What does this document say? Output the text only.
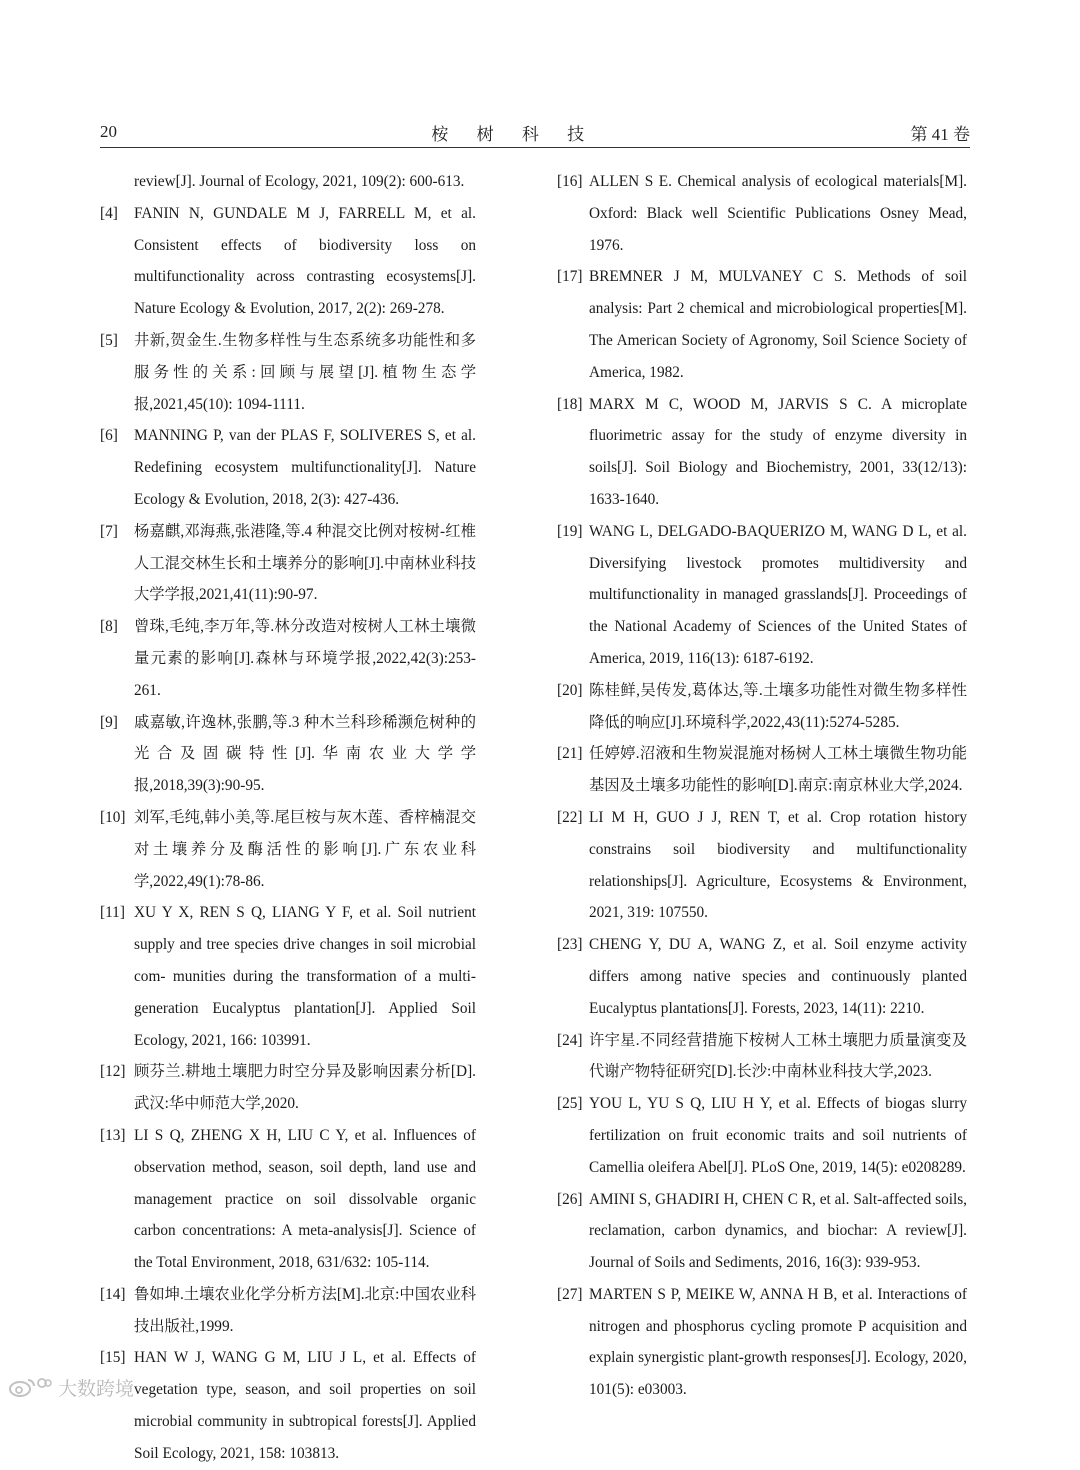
20	桉 树 科 技	第 41 卷
review[J]. Journal of Ecology, 2021, 109(2): 600-613.
[4]	FANIN N, GUNDALE M J, FARRELL M, et al. Consistent effects of biodiversity loss on multifunctionality across contrasting ecosystems[J]. Nature Ecology & Evolution, 2017, 2(2): 269-278.
[5]	井新,贺金生.生物多样性与生态系统多功能性和多服务性的关系:回顾与展望[J].植物生态学报,2021,45(10): 1094-1111.
[6]	MANNING P, van der PLAS F, SOLIVERES S, et al. Redefining ecosystem multifunctionality[J]. Nature Ecology & Evolution, 2018, 2(3): 427-436.
[7]	杨嘉麒,邓海燕,张港隆,等.4 种混交比例对桉树-红椎人工混交林生长和土壤养分的影响[J].中南林业科技大学学报,2021,41(11):90-97.
[8]	曾珠,毛纯,李万年,等.林分改造对桉树人工林土壤微量元素的影响[J].森林与环境学报,2022,42(3):253-261.
[9]	戚嘉敏,许逸林,张鹏,等.3 种木兰科珍稀濒危树种的光合及固碳特性[J].华南农业大学学报,2018,39(3):90-95.
[10] 刘军,毛纯,韩小美,等.尾巨桉与灰木莲、香梓楠混交对土壤养分及酶活性的影响[J].广东农业科学,2022,49(1):78-86.
[11] XU Y X, REN S Q, LIANG Y F, et al. Soil nutrient supply and tree species drive changes in soil microbial com- munities during the transformation of a multi-generation Eucalyptus plantation[J]. Applied Soil Ecology, 2021, 166: 103991.
[12] 顾芬兰.耕地土壤肥力时空分异及影响因素分析[D].武汉:华中师范大学,2020.
[13] LI S Q, ZHENG X H, LIU C Y, et al. Influences of observation method, season, soil depth, land use and management practice on soil dissolvable organic carbon concentrations: A meta-analysis[J]. Science of the Total Environment, 2018, 631/632: 105-114.
[14] 鲁如坤.土壤农业化学分析方法[M].北京:中国农业科技出版社,1999.
[15] HAN W J, WANG G M, LIU J L, et al. Effects of vegetation type, season, and soil properties on soil microbial community in subtropical forests[J]. Applied Soil Ecology, 2021, 158: 103813.
[16] ALLEN S E. Chemical analysis of ecological materials[M]. Oxford: Black well Scientific Publications Osney Mead, 1976.
[17] BREMNER J M, MULVANEY C S. Methods of soil analysis: Part 2 chemical and microbiological properties[M]. The American Society of Agronomy, Soil Science Society of America, 1982.
[18] MARX M C, WOOD M, JARVIS S C. A microplate fluorimetric assay for the study of enzyme diversity in soils[J]. Soil Biology and Biochemistry, 2001, 33(12/13): 1633-1640.
[19] WANG L, DELGADO-BAQUERIZO M, WANG D L, et al. Diversifying livestock promotes multidiversity and multifunctionality in managed grasslands[J]. Proceedings of the National Academy of Sciences of the United States of America, 2019, 116(13): 6187-6192.
[20] 陈桂鲜,吴传发,葛体达,等.土壤多功能性对微生物多样性降低的响应[J].环境科学,2022,43(11):5274-5285.
[21] 任婷婷.沼液和生物炭混施对杨树人工林土壤微生物功能基因及土壤多功能性的影响[D].南京:南京林业大学,2024.
[22] LI M H, GUO J J, REN T, et al. Crop rotation history constrains soil biodiversity and multifunctionality relationships[J]. Agriculture, Ecosystems & Environment, 2021, 319: 107550.
[23] CHENG Y, DU A, WANG Z, et al. Soil enzyme activity differs among native species and continuously planted Eucalyptus plantations[J]. Forests, 2023, 14(11): 2210.
[24] 许宇星.不同经营措施下桉树人工林土壤肥力质量演变及代谢产物特征研究[D].长沙:中南林业科技大学,2023.
[25] YOU L, YU S Q, LIU H Y, et al. Effects of biogas slurry fertilization on fruit economic traits and soil nutrients of Camellia oleifera Abel[J]. PLoS One, 2019, 14(5): e0208289.
[26] AMINI S, GHADIRI H, CHEN C R, et al. Salt-affected soils, reclamation, carbon dynamics, and biochar: A review[J]. Journal of Soils and Sediments, 2016, 16(3): 939-953.
[27] MARTEN S P, MEIKE W, ANNA H B, et al. Interactions of nitrogen and phosphorus cycling promote P acquisition and explain synergistic plant-growth responses[J]. Ecology, 2020, 101(5): e03003.
大数跨境
